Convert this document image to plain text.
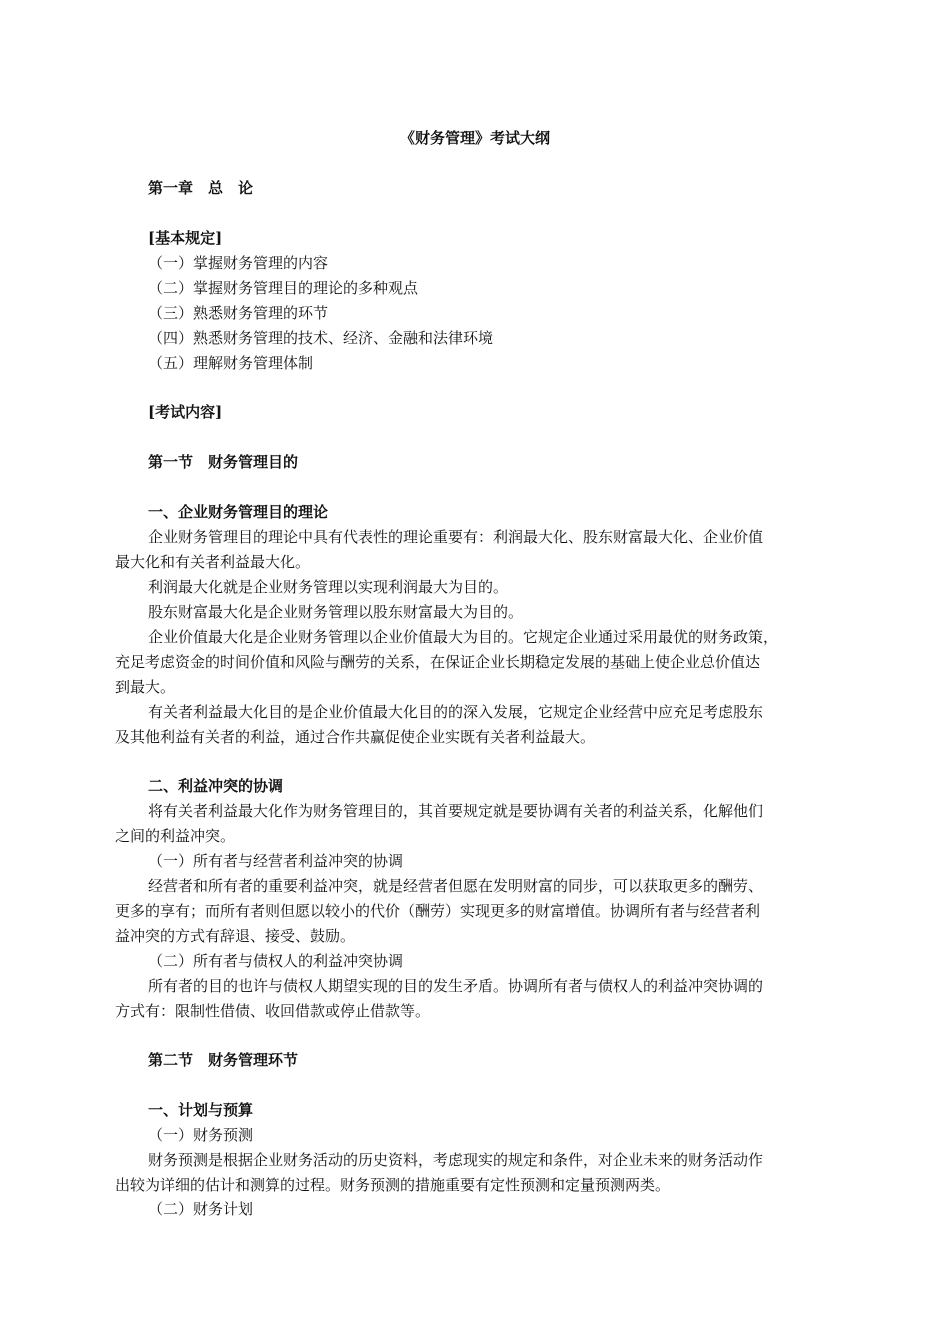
《财务管理》考试大纲
第一章　总　论
[基本规定]
（一）掌握财务管理的内容
（二）掌握财务管理目的理论的多种观点
（三）熟悉财务管理的环节
（四）熟悉财务管理的技术、经济、金融和法律环境
（五）理解财务管理体制
[考试内容]
第一节　财务管理目的
一、企业财务管理目的理论
企业财务管理目的理论中具有代表性的理论重要有：利润最大化、股东财富最大化、企业价值
最大化和有关者利益最大化。
利润最大化就是企业财务管理以实现利润最大为目的。
股东财富最大化是企业财务管理以股东财富最大为目的。
企业价值最大化是企业财务管理以企业价值最大为目的。它规定企业通过采用最优的财务政策，
充足考虑资金的时间价值和风险与酬劳的关系，在保证企业长期稳定发展的基础上使企业总价值达
到最大。
有关者利益最大化目的是企业价值最大化目的的深入发展，它规定企业经营中应充足考虑股东
及其他利益有关者的利益，通过合作共赢促使企业实既有关者利益最大。
二、利益冲突的协调
将有关者利益最大化作为财务管理目的，其首要规定就是要协调有关者的利益关系，化解他们
之间的利益冲突。
（一）所有者与经营者利益冲突的协调
经营者和所有者的重要利益冲突，就是经营者但愿在发明财富的同步，可以获取更多的酬劳、
更多的享有；而所有者则但愿以较小的代价（酬劳）实现更多的财富增值。协调所有者与经营者利
益冲突的方式有辞退、接受、鼓励。
（二）所有者与债权人的利益冲突协调
所有者的目的也许与债权人期望实现的目的发生矛盾。协调所有者与债权人的利益冲突协调的
方式有：限制性借债、收回借款或停止借款等。
第二节　财务管理环节
一、计划与预算
（一）财务预测
财务预测是根据企业财务活动的历史资料，考虑现实的规定和条件，对企业未来的财务活动作
出较为详细的估计和测算的过程。财务预测的措施重要有定性预测和定量预测两类。
（二）财务计划
